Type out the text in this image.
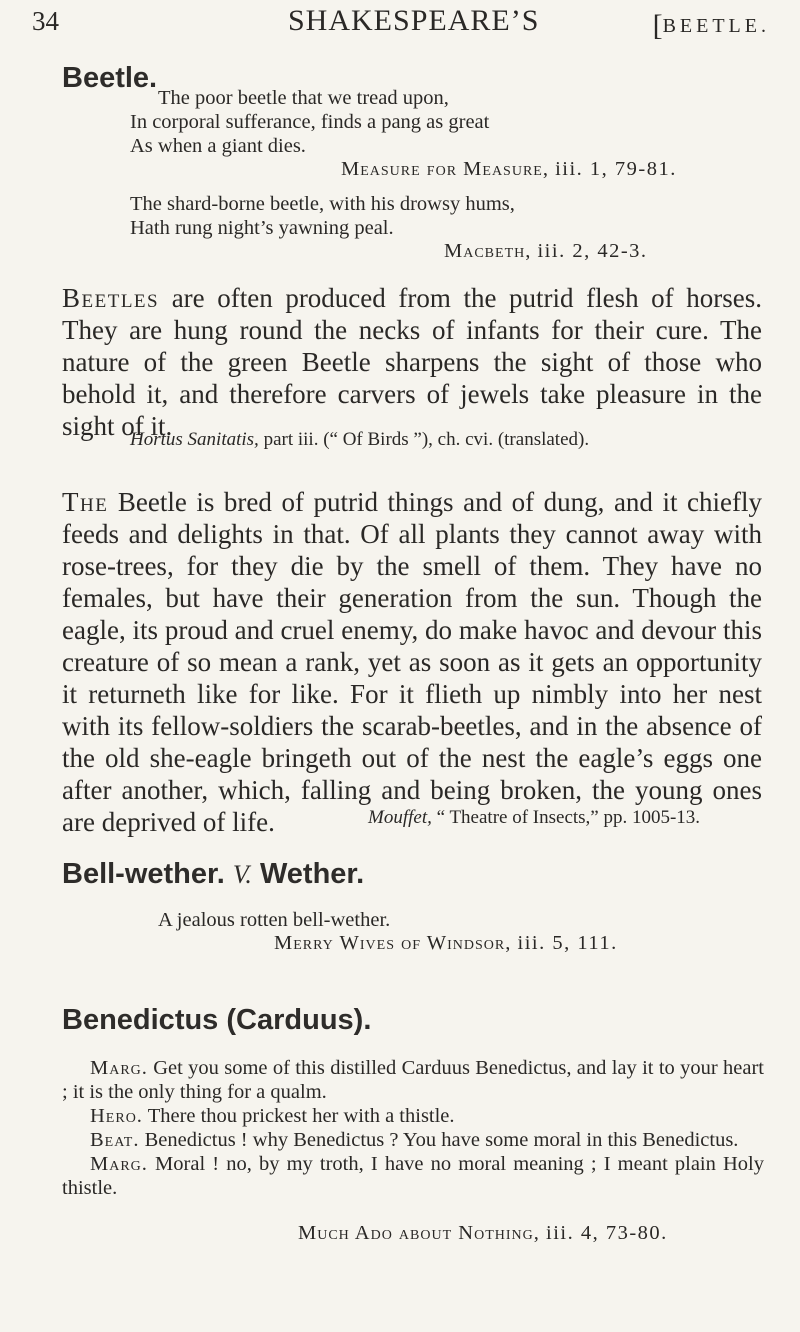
34	SHAKESPEARE’S	[BEETLE.
Beetle.
The poor beetle that we tread upon,
In corporal sufferance, finds a pang as great
As when a giant dies.
Measure for Measure, iii. 1, 79-81.
The shard-borne beetle, with his drowsy hums,
Hath rung night’s yawning peal.
Macbeth, iii. 2, 42-3.
Beetles are often produced from the putrid flesh of horses. They are hung round the necks of infants for their cure. The nature of the green Beetle sharpens the sight of those who behold it, and therefore carvers of jewels take pleasure in the sight of it.
Hortus Sanitatis, part iii. (“ Of Birds ”), ch. cvi. (translated).
The Beetle is bred of putrid things and of dung, and it chiefly feeds and delights in that. Of all plants they cannot away with rose-trees, for they die by the smell of them. They have no females, but have their generation from the sun. Though the eagle, its proud and cruel enemy, do make havoc and devour this creature of so mean a rank, yet as soon as it gets an opportunity it returneth like for like. For it flieth up nimbly into her nest with its fellow-soldiers the scarab-beetles, and in the absence of the old she-eagle bringeth out of the nest the eagle’s eggs one after another, which, falling and being broken, the young ones are deprived of life.	Mouffet, “ Theatre of Insects,” pp. 1005-13.
Bell-wether. V. Wether.
A jealous rotten bell-wether.
Merry Wives of Windsor, iii. 5, 111.
Benedictus (Carduus).
Marg. Get you some of this distilled Carduus Benedictus, and lay it to your heart ; it is the only thing for a qualm.
Hero. There thou prickest her with a thistle.
Beat. Benedictus ! why Benedictus ? You have some moral in this Benedictus.
Marg. Moral ! no, by my troth, I have no moral meaning ; I meant plain Holy thistle.
Much Ado about Nothing, iii. 4, 73-80.
